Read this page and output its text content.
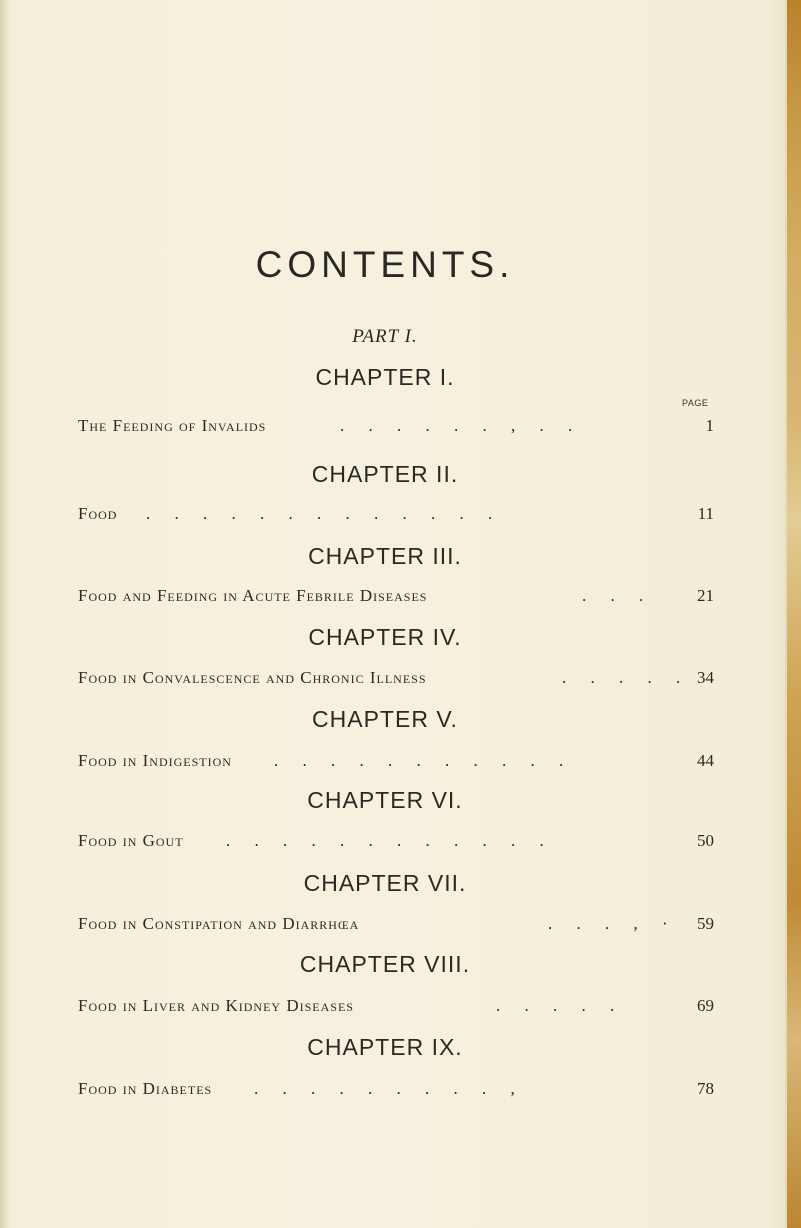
CONTENTS.
PART I.
PAGE
CHAPTER I.
The Feeding of Invalids	. . . . . . , . .	1
CHAPTER II.
Food . . . . . . . . . . . . .	11
CHAPTER III.
Food and Feeding in Acute Febrile Diseases	. . .	21
CHAPTER IV.
Food in Convalescence and Chronic Illness	. . . . . 34
CHAPTER V.
Food in Indigestion . . . . . . . . . . .	44
CHAPTER VI.
Food in Gout . . . . . . . . . . . .	50
CHAPTER VII.
Food in Constipation and Diarrhœa	. . . , ·	59
CHAPTER VIII.
Food in Liver and Kidney Diseases	. . . . .	69
CHAPTER IX.
Food in Diabetes . . . . . . . . . ,	78
